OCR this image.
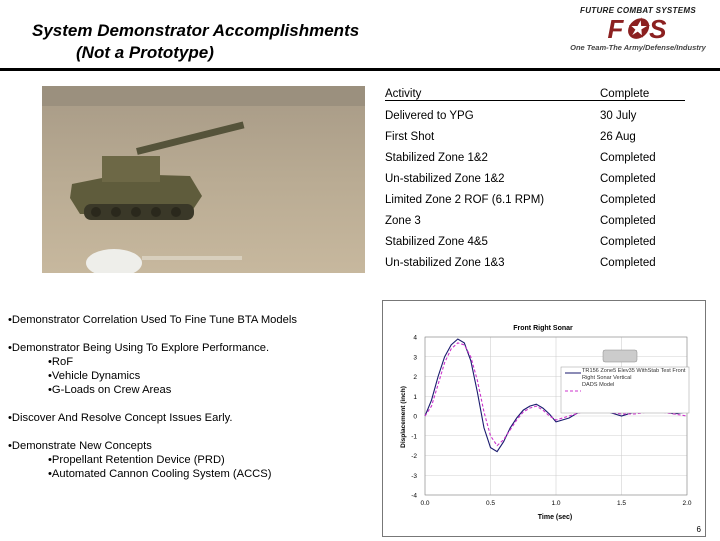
System Demonstrator Accomplishments
(Not a Prototype)
FUTURE COMBAT SYSTEMS
F✪S
One Team-The Army/Defense/Industry
Activity	Complete
Delivered to YPG	30 July
First Shot	26 Aug
Stabilized Zone 1&2	Completed
Un-stabilized Zone 1&2	Completed
Limited Zone 2 ROF (6.1 RPM)	Completed
Zone 3	Completed
Stabilized Zone 4&5	Completed
Un-stabilized Zone 1&3	Completed

•Demonstrator Correlation Used To Fine Tune BTA Models

•Demonstrator Being Using To Explore Performance.

•RoF

•Vehicle Dynamics

•G-Loads on Crew Areas

•Discover And Resolve Concept Issues Early.

•Demonstrate New Concepts

•Propellant Retention Device (PRD)

•Automated Cannon Cooling System (ACCS)

Front Right Sonar
Displacement (inch)
Time (sec)
4
3
2
1
0
-1
-2
-3
-4
0.0	0.5	1.0	1.5	2.0
TR156 Zone5 Elev35 WithStab Test Front Right Sonar Vertical
DADS Model
6
